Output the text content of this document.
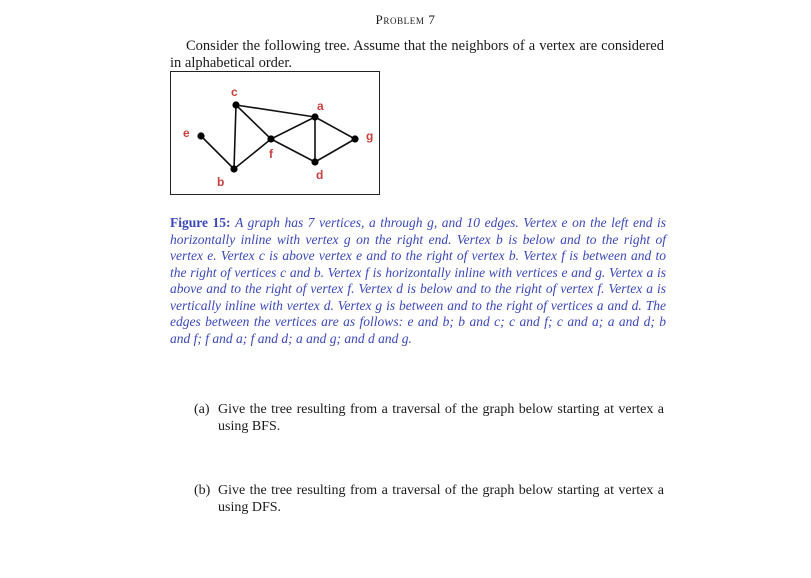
Problem 7
Consider the following tree. Assume that the neighbors of a vertex are considered in alphabetical order.
c
a
e
f
g
b	d
Figure 15: A graph has 7 vertices, a through g, and 10 edges. Vertex e on the left end is horizontally inline with vertex g on the right end. Vertex b is below and to the right of vertex e. Vertex c is above vertex e and to the right of vertex b. Vertex f is between and to the right of vertices c and b. Vertex f is horizontally inline with vertices e and g. Vertex a is above and to the right of vertex f. Vertex d is below and to the right of vertex f. Vertex a is vertically inline with vertex d. Vertex g is between and to the right of vertices a and d. The edges between the vertices are as follows: e and b; b and c; c and f; c and a; a and d; b and f; f and a; f and d; a and g; and d and g.
(a) Give the tree resulting from a traversal of the graph below starting at vertex a using BFS.
(b) Give the tree resulting from a traversal of the graph below starting at vertex a using DFS.
